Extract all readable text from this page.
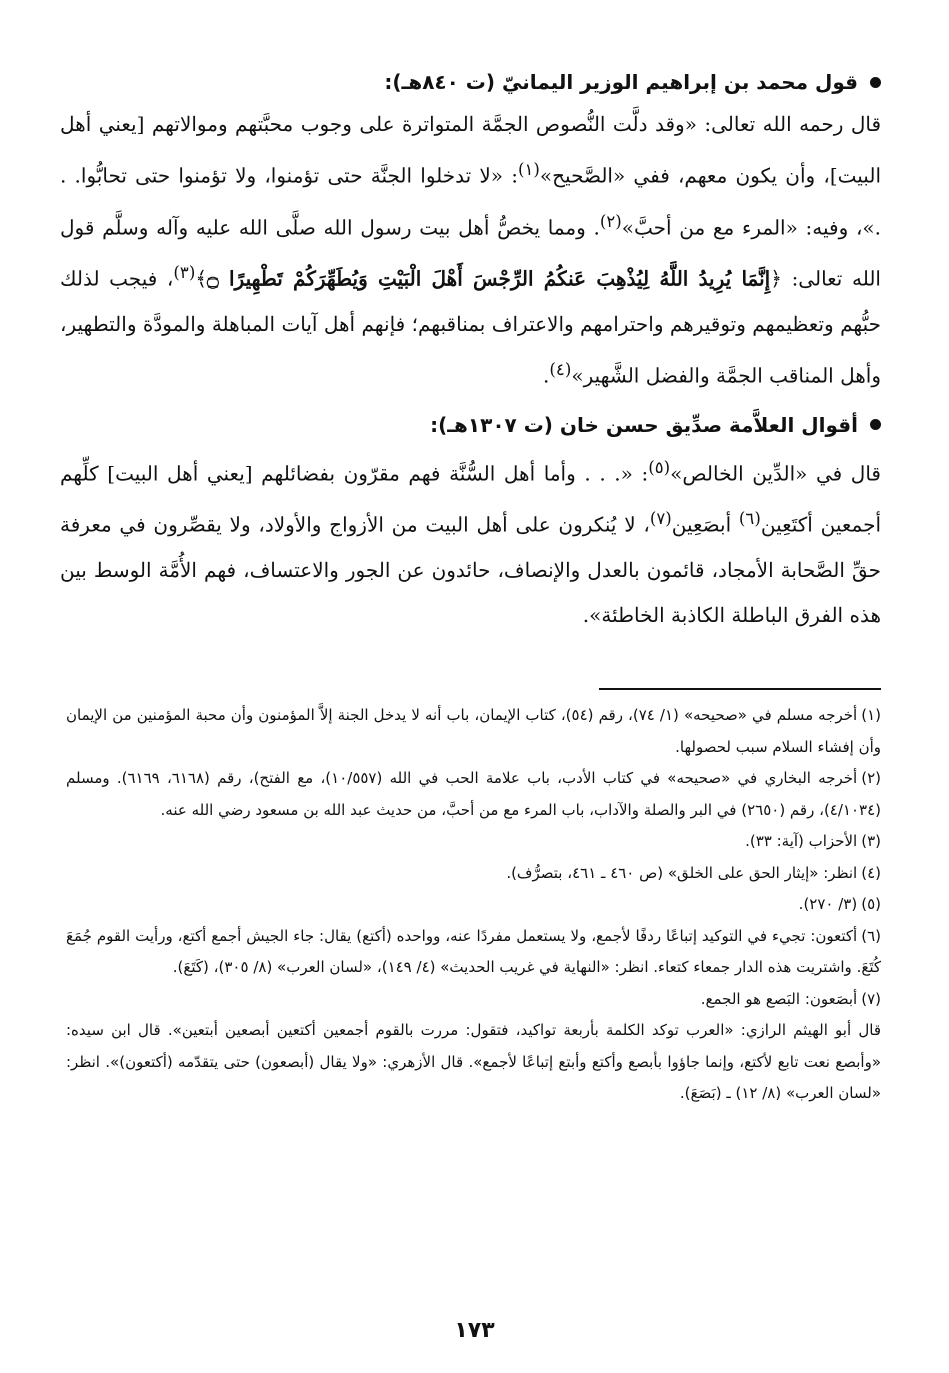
قول محمد بن إبراهيم الوزير اليمانيّ (ت ٨٤٠هـ):

قال رحمه الله تعالى: «وقد دلَّت النُّصوص الجمَّة المتواترة على وجوب محبَّتهم وموالاتهم [يعني أهل البيت]، وأن يكون معهم، ففي «الصَّحيح»$^{(١)}$: «لا تدخلوا الجنَّة حتى تؤمنوا، ولا تؤمنوا حتى تحابُّوا. . .»، وفيه: «المرء مع من أحبَّ»$^{(٢)}$. ومما يخصُّ أهل بيت رسول الله صلَّى الله عليه وآله وسلَّم قول الله تعالى: ﴿إِنَّمَا يُرِيدُ اللَّهُ لِيُذْهِبَ عَنكُمُ الرِّجْسَ أَهْلَ الْبَيْتِ وَيُطَهِّرَكُمْ تَطْهِيرًا ۝﴾$^{(٣)}$، فيجب لذلك حبُّهم وتعظيمهم وتوقيرهم واحترامهم والاعتراف بمناقبهم؛ فإنهم أهل آيات المباهلة والمودَّة والتطهير، وأهل المناقب الجمَّة والفضل الشَّهير»$^{(٤)}$.

أقوال العلاَّمة صدِّيق حسن خان (ت ١٣٠٧هـ):

قال في «الدِّين الخالص»$^{(٥)}$: «. . . وأما أهل السُّنَّة فهم مقرّون بفضائلهم [يعني أهل البيت] كلِّهم أجمعين أكتَعِين$^{(٦)}$ أبصَعِين$^{(٧)}$، لا يُنكرون على أهل البيت من الأزواج والأولاد، ولا يقصِّرون في معرفة حقِّ الصَّحابة الأمجاد، قائمون بالعدل والإنصاف، حائدون عن الجور والاعتساف، فهم الأُمَّة الوسط بين هذه الفرق الباطلة الكاذبة الخاطئة».

(١)أخرجه مسلم في «صحيحه» (١/ ٧٤)، رقم (٥٤)، كتاب الإيمان، باب أنه لا يدخل الجنة إلاَّ المؤمنون وأن محبة المؤمنين من الإيمان وأن إفشاء السلام سبب لحصولها.

(٢)أخرجه البخاري في «صحيحه» في كتاب الأدب، باب علامة الحب في الله (١٠/٥٥٧)، مع الفتح)، رقم (٦١٦٨، ٦١٦٩). ومسلم (٤/١٠٣٤)، رقم (٢٦٥٠) في البر والصلة والآداب، باب المرء مع من أحبَّ، من حديث عبد الله بن مسعود رضي الله عنه.

(٣)الأحزاب (آية: ٣٣).

(٤)انظر: «إيثار الحق على الخلق» (ص ٤٦٠ ـ ٤٦١، بتصرُّف).

(٥)(٣/ ٢٧٠).

(٦)أكتعون: تجيء في التوكيد إتباعًا ردفًا لأجمع، ولا يستعمل مفردًا عنه، وواحده (أكتع) يقال: جاء الجيش أجمع أكتع، ورأيت القوم جُمَعَ كُتَعَ. واشتريت هذه الدار جمعاء كتعاء. انظر: «النهاية في غريب الحديث» (٤/ ١٤٩)، «لسان العرب» (٨/ ٣٠٥)، (كَتَعَ).

(٧)أبصَعون: البَصع هو الجمع.

قال أبو الهيثم الرازي: «العرب توكد الكلمة بأربعة تواكيد، فتقول: مررت بالقوم أجمعين أكتعين أبصعين أبتعين». قال ابن سيده: «وأبصع نعت تابع لأكتع، وإنما جاؤوا بأبصع وأكتع وأبتع إتباعًا لأجمع». قال الأزهري: «ولا يقال (أبصعون) حتى يتقدّمه (أكتعون)». انظر: «لسان العرب» (٨/ ١٢) ـ (بَصَعَ).

١٧٣
